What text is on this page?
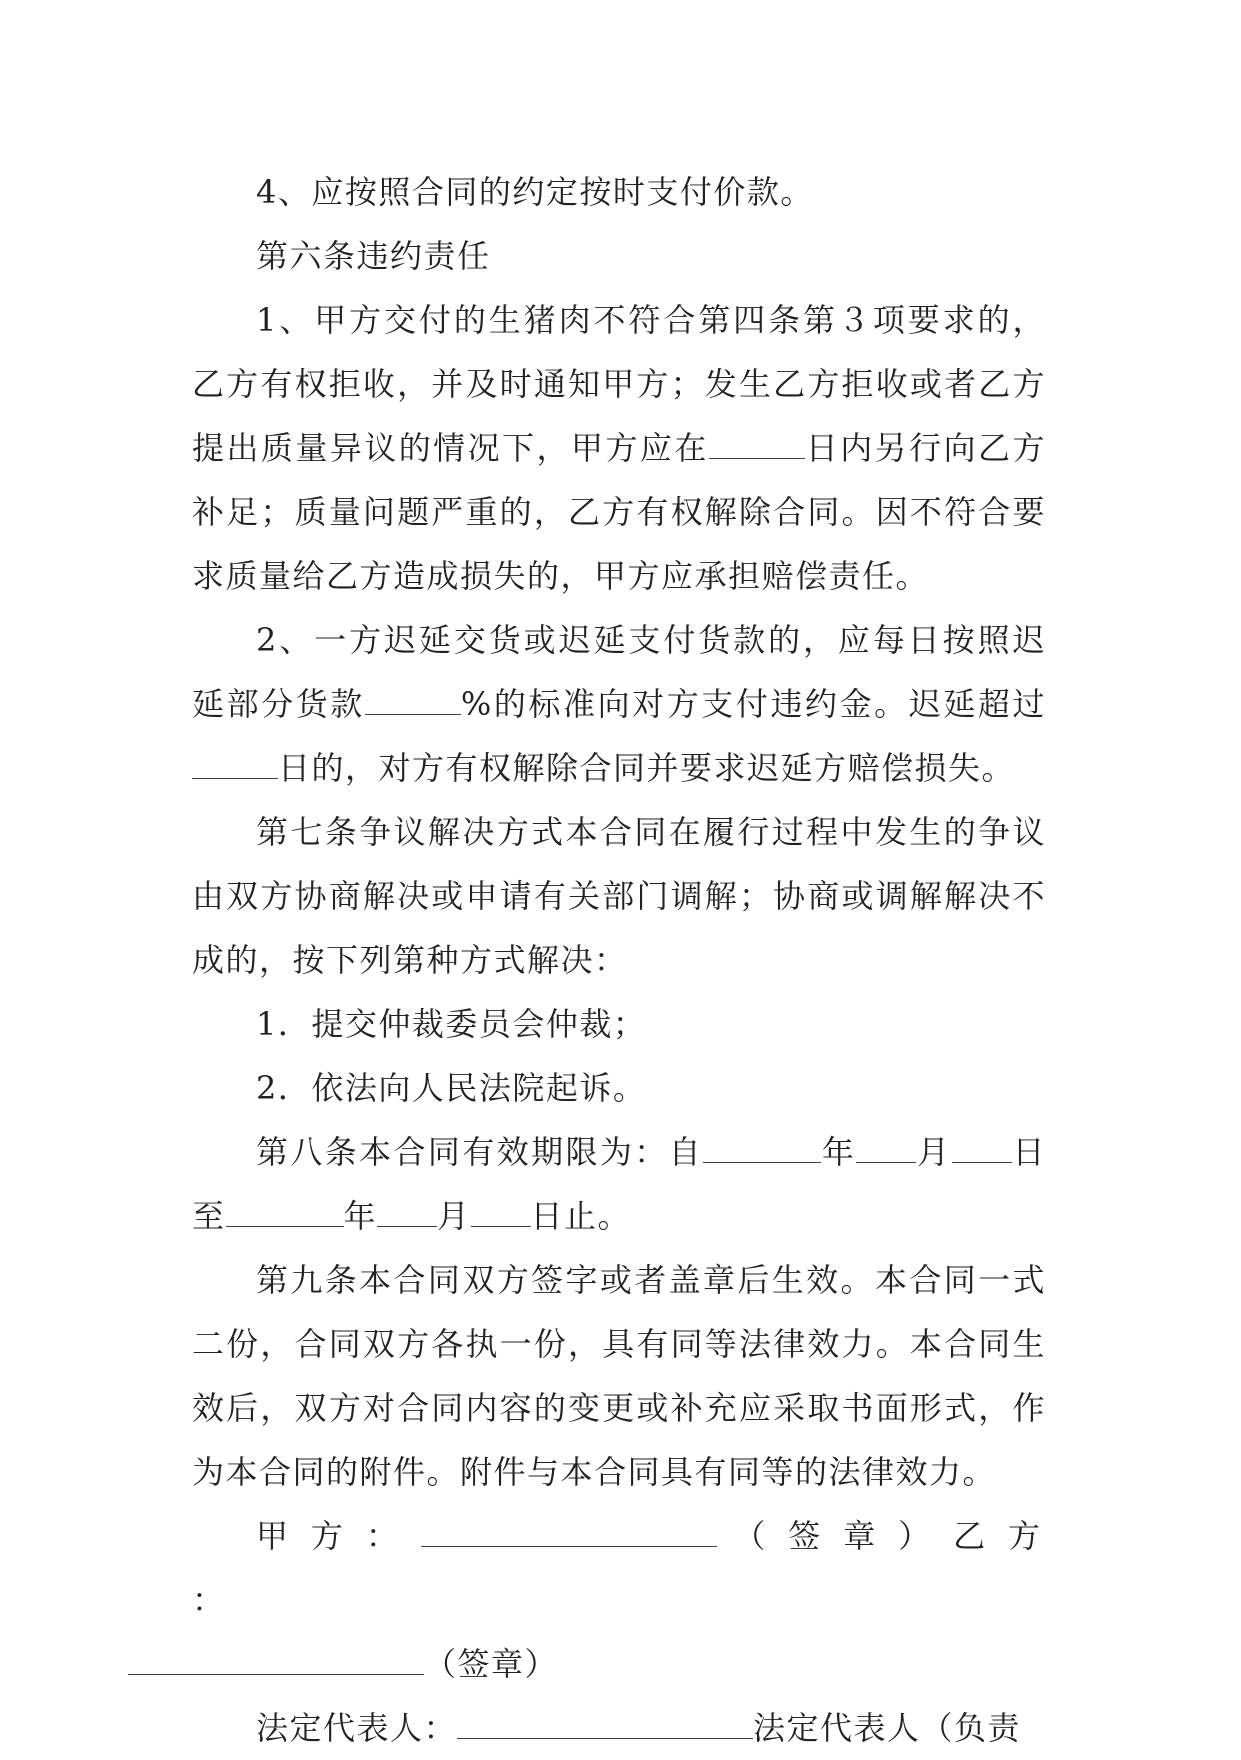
4、应按照合同的约定按时支付价款。

第六条违约责任

1、甲方交付的生猪肉不符合第四条第３项要求的，乙方有权拒收，并及时通知甲方；发生乙方拒收或者乙方提出质量异议的情况下，甲方应在	日内另行向乙方补足；质量问题严重的，乙方有权解除合同。因不符合要求质量给乙方造成损失的，甲方应承担赔偿责任。

2、一方迟延交货或迟延支付货款的，应每日按照迟延部分货款	%的标准向对方支付违约金。迟延超过日的，对方有权解除合同并要求迟延方赔偿损失。

第七条争议解决方式本合同在履行过程中发生的争议由双方协商解决或申请有关部门调解；协商或调解解决不成的，按下列第种方式解决：

1．提交仲裁委员会仲裁；

2．依法向人民法院起诉。

第八条本合同有效期限为：自	年 月 日至	年 月 日止。

第九条本合同双方签字或者盖章后生效。本合同一式二份，合同双方各执一份，具有同等法律效力。本合同生效后，双方对合同内容的变更或补充应采取书面形式，作为本合同的附件。附件与本合同具有同等的法律效力。

甲 方 ：	（ 签 章 ） 乙 方 ：
（签章）

法定代表人：	法定代表人（负责
